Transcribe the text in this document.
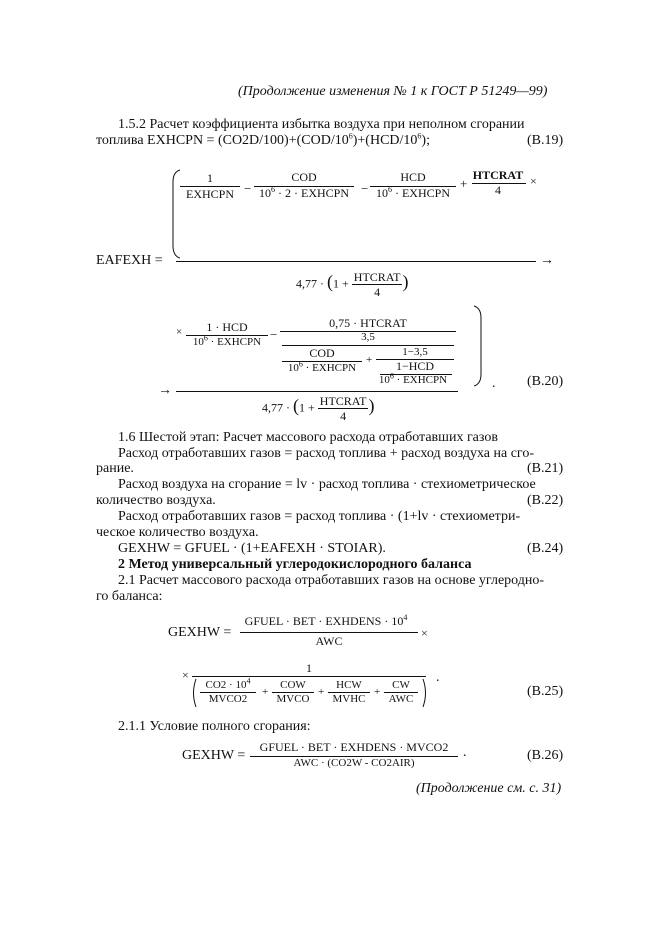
(Продолжение изменения № 1 к ГОСТ Р 51249—99)
1.5.2 Расчет коэффициента избытка воздуха при неполном сгорании
топлива EXHCPN = $(CO2D/100)+(COD/10^6)+(HCD/10^6)$;	(В.19)
1
EXHCPN −
COD
$10^6 \cdot 2$ · EXHCPN −
HCD
$10^6$ · EXHCPN
+
HTCRAT
4
×
EAFEXH =	→
$4,77 \cdot (1 + \frac{\text{HTCRAT}}{4}$ )
×	1 · HCD
$10^6$ · EXHCPN −
0,75 · HTCRAT
3,5
COD
$10^6$ · EXHCPN
+
1−3,5
1−HCD
$10^6$ · EXHCPN
→
$4,77 \cdot (1 + \frac{\text{HTCRAT}}{4}$ )
. (В.20)
1.6 Шестой этап: Расчет массового расхода отработавших газов
Расход отработавших газов = расход топлива + расход воздуха на сго-
рание.	(В.21)
Расход воздуха на сгорание = lv · расход топлива · стехиометрическое
количество воздуха.	(В.22)
Расход отработавших газов = расход топлива · (1+lv · стехиометри-
ческое количество воздуха.
GEXHW = GFUEL · (1+EAFEXH · STOIAR).	(В.24)
2 Метод универсальный углеродокислородного баланса
2.1 Расчет массового расхода отработавших газов на основе углеродно-
го баланса:
GEXHW =
GFUEL · BET · EXHDENS · $10^4$
AWC
×
×	1
$CO2 \cdot 10^4$
MVCO2
+
COW
MVCO
+
HCW
MVHC
+
CW
AWC
.
(В.25)
2.1.1 Условие полного сгорания:
GEXHW =
GFUEL · BET · EXHDENS · MVCO2
AWC · (CO2W - CO2AIR)
.	(В.26)
(Продолжение см. с. 31)
